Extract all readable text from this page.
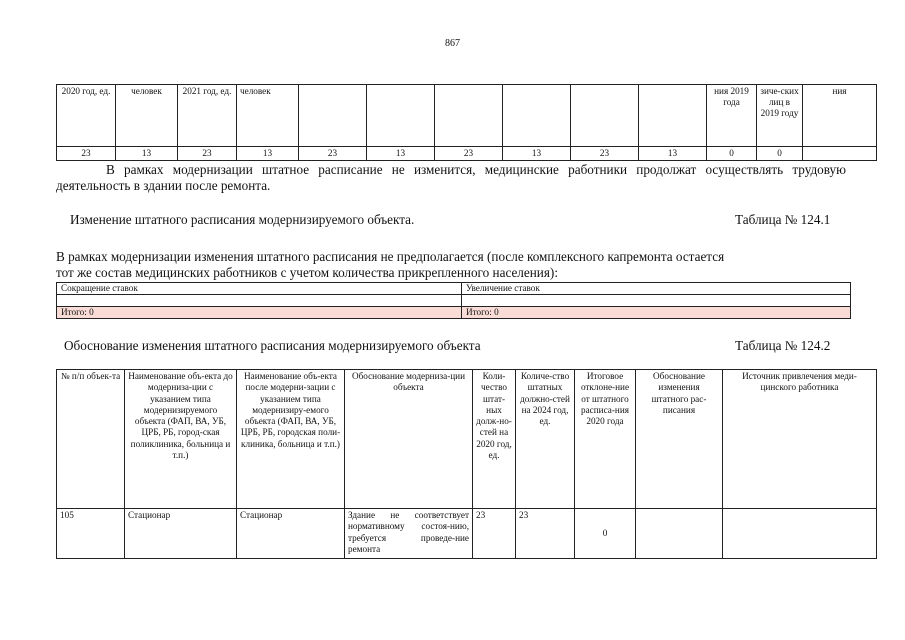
867
2020 год, ед.	человек	2021 год, ед.	человек							ния 2019 года	зиче-ских лиц в 2019 году	ния
23	13	23	13	23	13	23	13	23	13	0	0	
В рамках модернизации штатное расписание не изменится, медицинские работники продолжат осуществлять трудовую деятельность в здании после ремонта.
Изменение штатного расписания модернизируемого объекта.	Таблица № 124.1
В рамках модернизации изменения штатного расписания не предполагается (после комплексного капремонта остается
тот же состав медицинских работников с учетом количества прикрепленного населения):
Сокращение ставок	Увеличение ставок

Итого: 0	Итого: 0
Обоснование изменения штатного расписания модернизируемого объекта	Таблица № 124.2
№ п/п объек-та	Наименование объ-екта до модерниза-ции с указанием типа модернизируемого объекта (ФАП, ВА, УБ, ЦРБ, РБ, город-ская поликлиника, больница и т.п.)	Наименование объ-екта после модерни-зации с указанием типа модернизиру-емого объекта (ФАП, ВА, УБ, ЦРБ, РБ, городская поли-клиника, больница и т.п.)	Обоснование модерниза-ции объекта	Коли-чество штат-ных долж-но-стей на 2020 год, ед.	Количе-ство штатных должно-стей на 2024 год, ед.	Итоговое отклоне-ние от штатного расписа-ния 2020 года	Обоснование изменения штатного рас-писания	Источник привлечения меди-цинского работника
105	Стационар	Стационар	Здание не соответствует нормативному состоя-нию, требуется проведе-ние ремонта	23	23	0		
